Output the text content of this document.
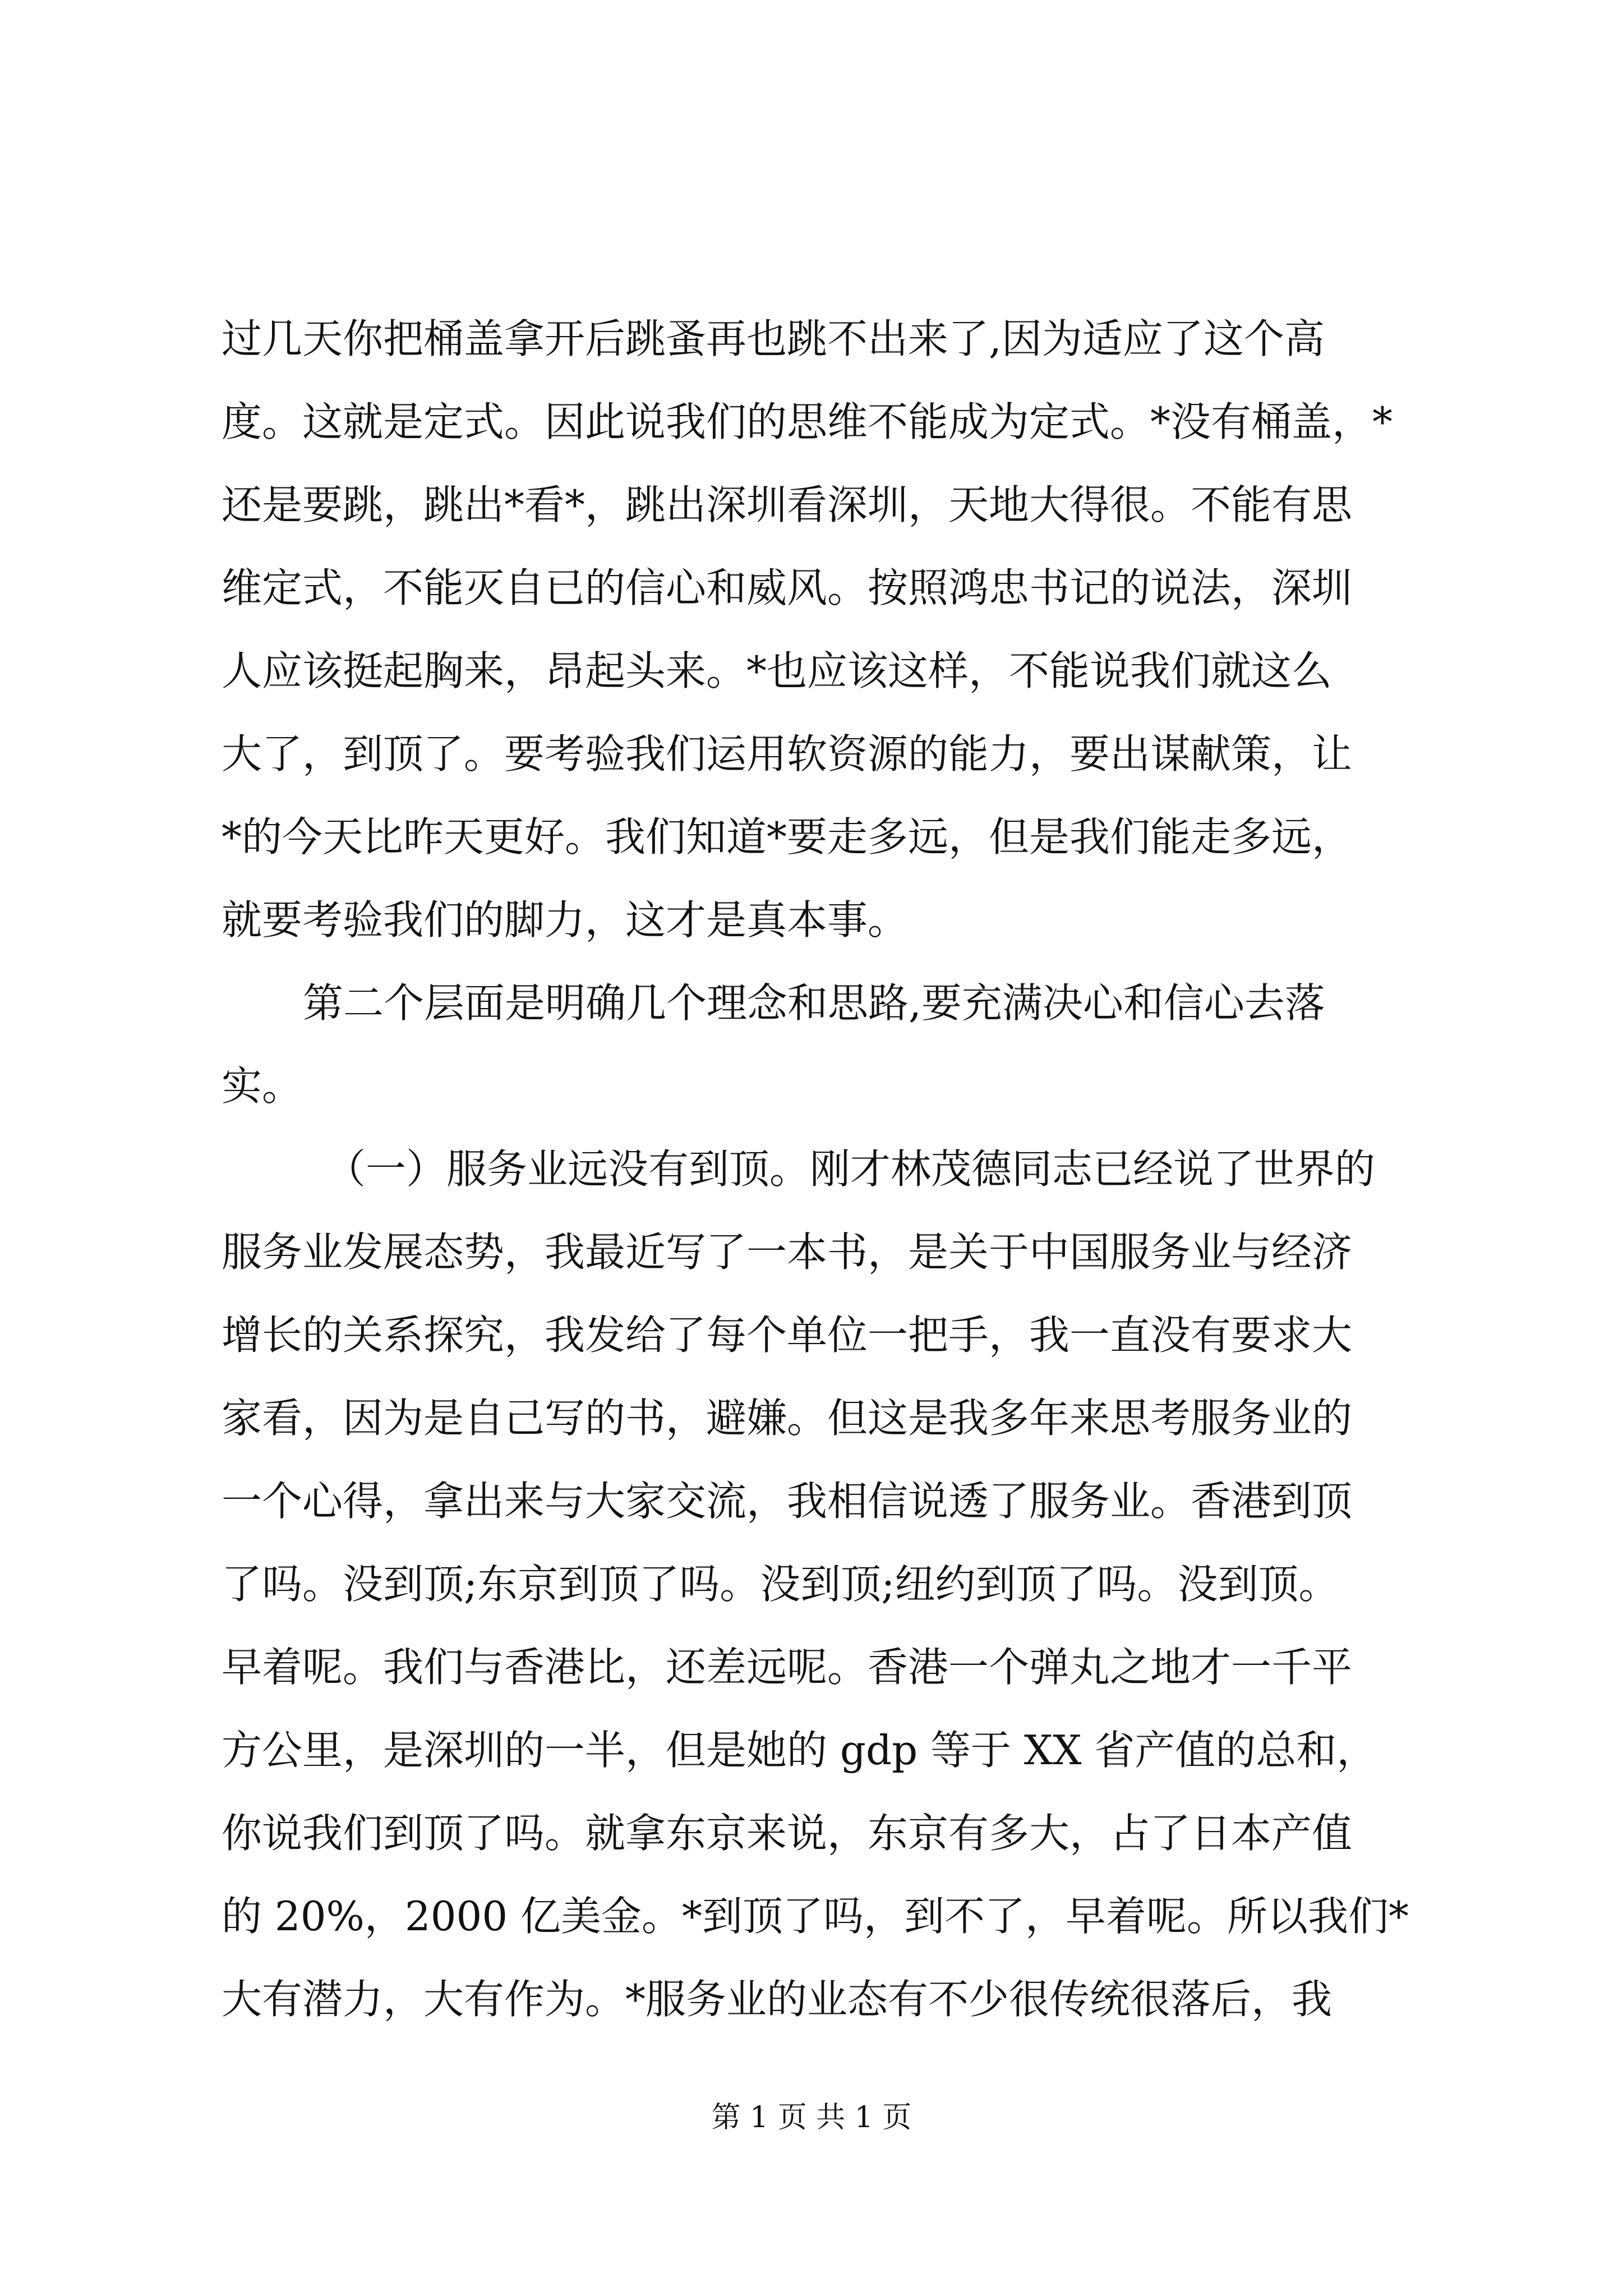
过几天你把桶盖拿开后跳蚤再也跳不出来了,因为适应了这个高
度。这就是定式。因此说我们的思维不能成为定式。*没有桶盖，*
还是要跳，跳出*看*，跳出深圳看深圳，天地大得很。不能有思
维定式，不能灭自已的信心和威风。按照鸿忠书记的说法，深圳
人应该挺起胸来，昂起头来。*也应该这样，不能说我们就这么
大了，到顶了。要考验我们运用软资源的能力，要出谋献策，让
*的今天比昨天更好。我们知道*要走多远，但是我们能走多远，
就要考验我们的脚力，这才是真本事。
第二个层面是明确几个理念和思路,要充满决心和信心去落
实。
（一）服务业远没有到顶。刚才林茂德同志已经说了世界的
服务业发展态势，我最近写了一本书，是关于中国服务业与经济
增长的关系探究，我发给了每个单位一把手，我一直没有要求大
家看，因为是自己写的书，避嫌。但这是我多年来思考服务业的
一个心得，拿出来与大家交流，我相信说透了服务业。香港到顶
了吗。没到顶;东京到顶了吗。没到顶;纽约到顶了吗。没到顶。
早着呢。我们与香港比，还差远呢。香港一个弹丸之地才一千平
方公里，是深圳的一半，但是她的 gdp 等于 XX 省产值的总和，
你说我们到顶了吗。就拿东京来说，东京有多大，占了日本产值
的 20%，2000 亿美金。*到顶了吗，到不了，早着呢。所以我们*
大有潜力，大有作为。*服务业的业态有不少很传统很落后，我
第 1 页 共 1 页
